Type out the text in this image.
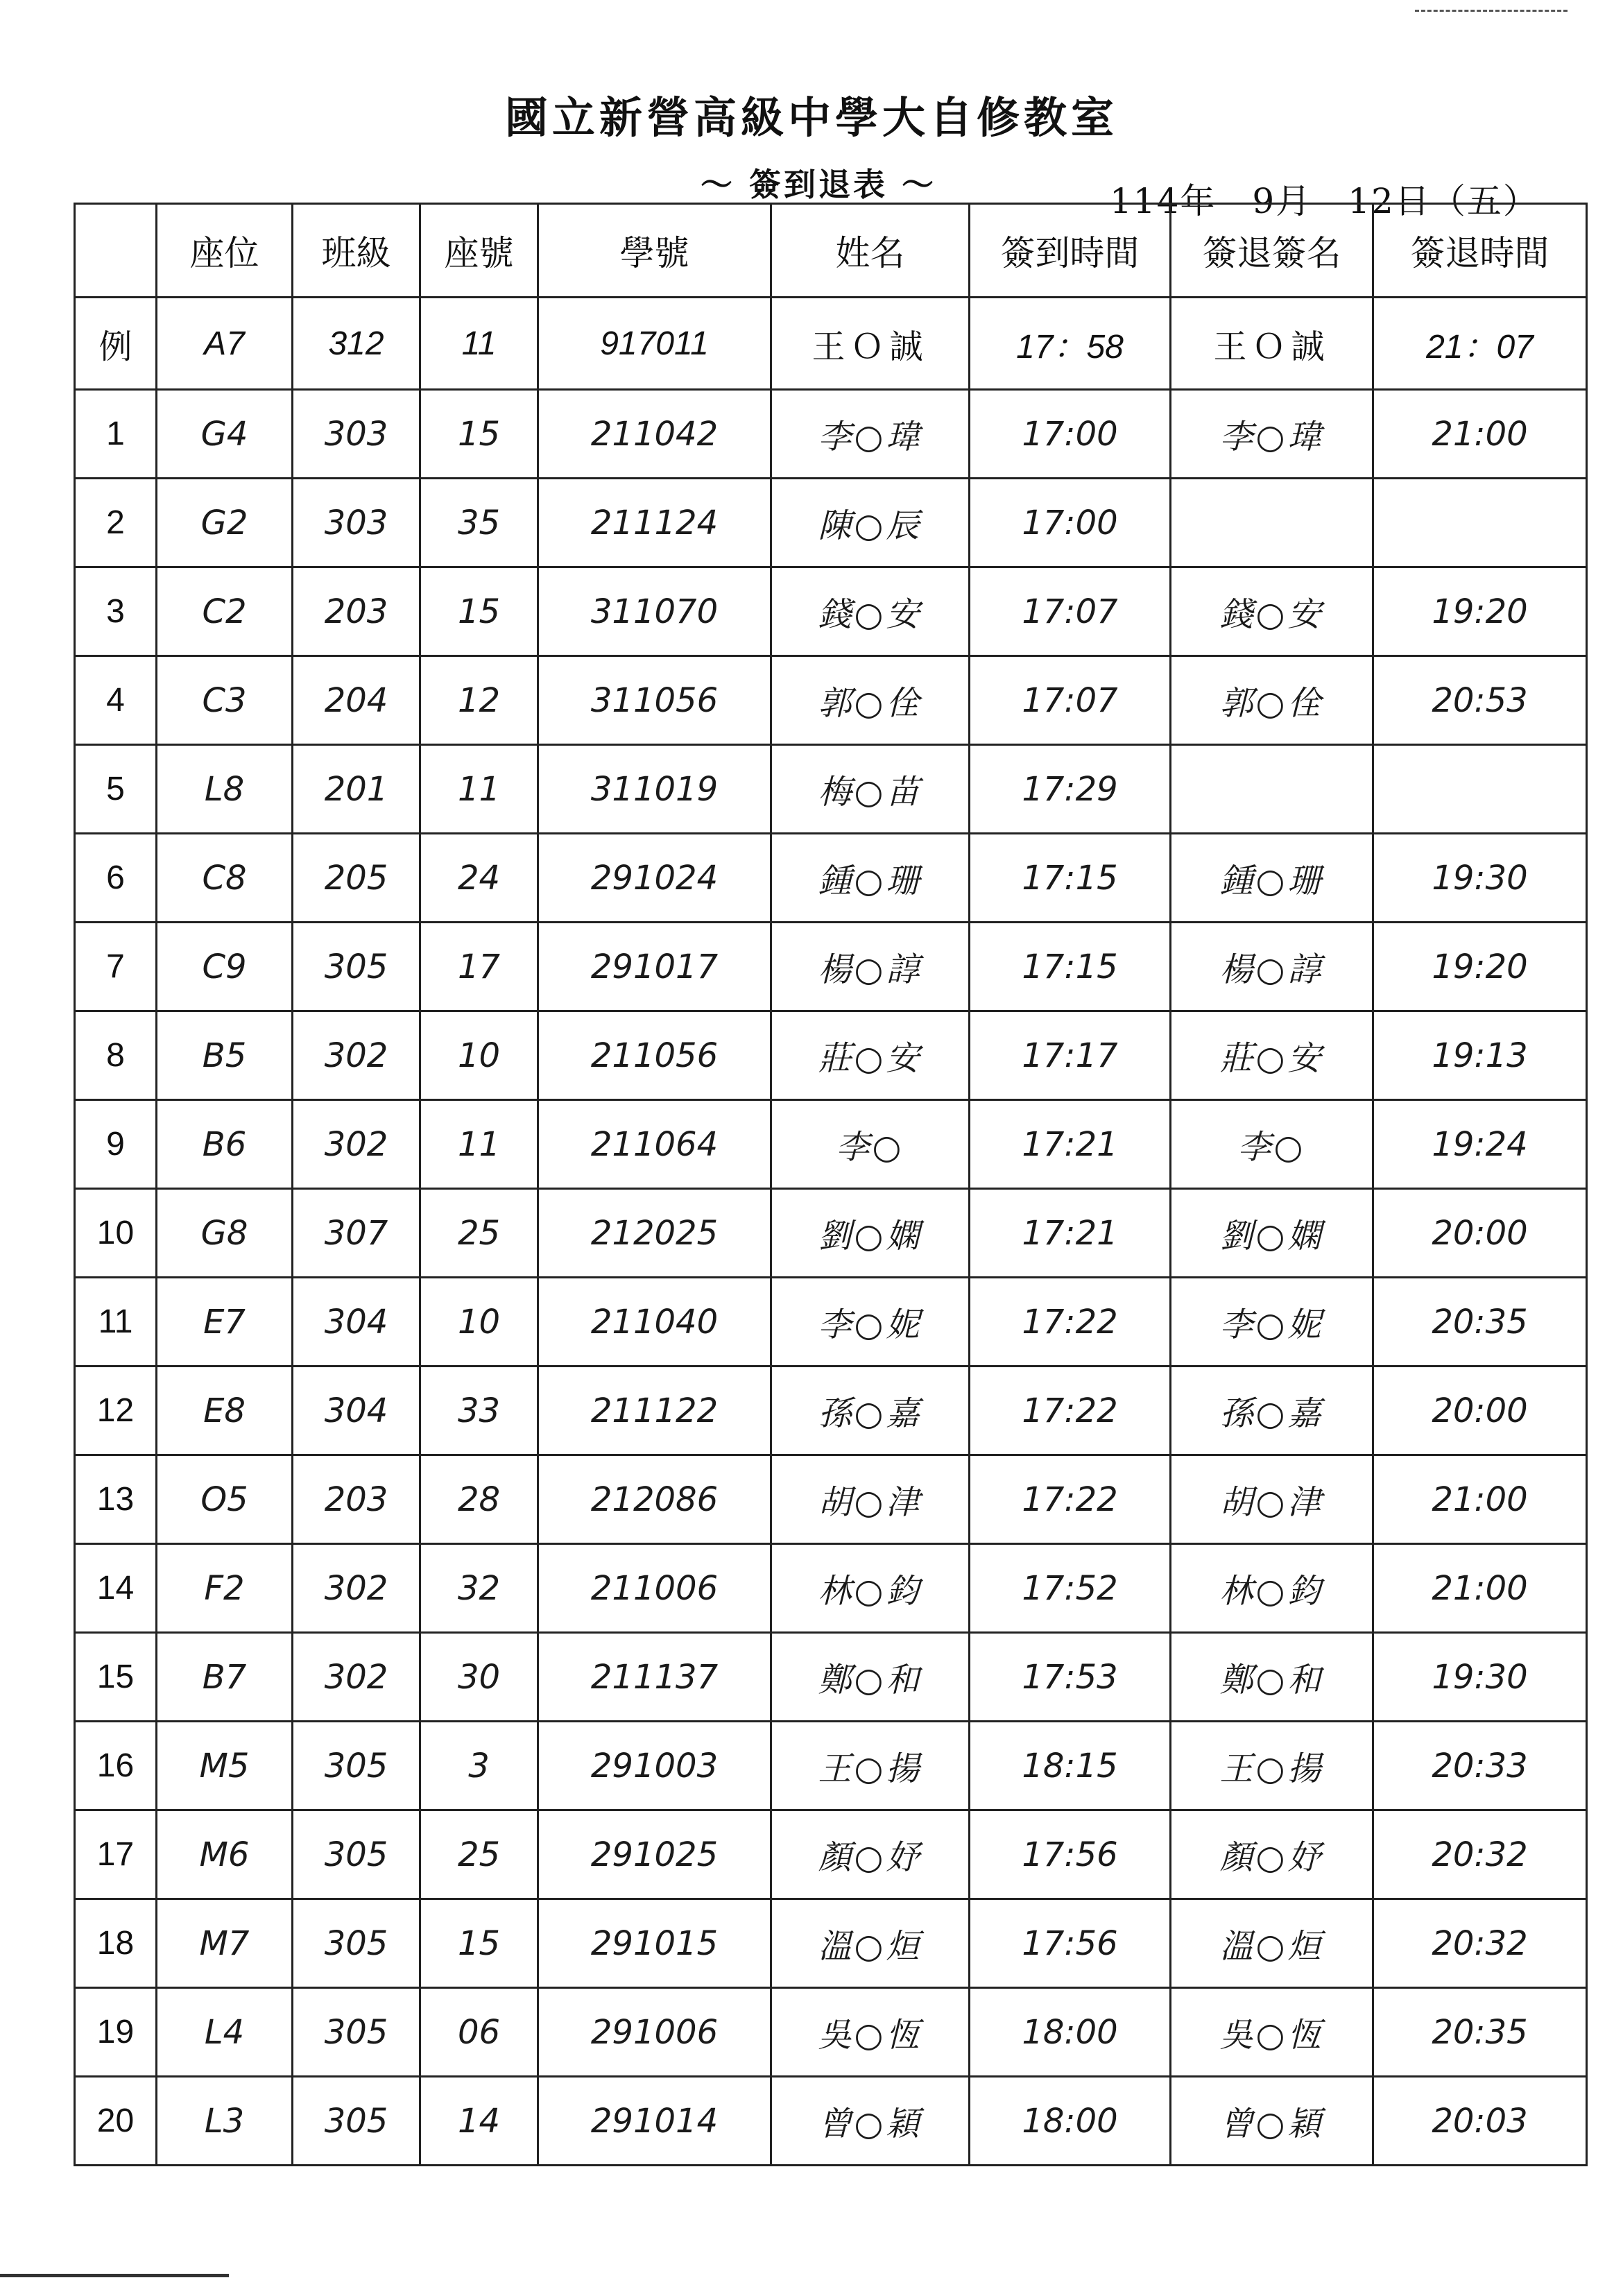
國立新營高級中學大自修教室
～ 簽到退表 ～	114年　9月　12日（五）
	座位	班級	座號	學號	姓名	簽到時間	簽退簽名	簽退時間
例	A7	312	11	917011	王Ｏ誠	17：58	王Ｏ誠	21：07
1	G4	303	15	211042	李○瑋	17:00	李○瑋	21:00
2	G2	303	35	211124	陳○辰	17:00		
3	C2	203	15	311070	錢○安	17:07	錢○安	19:20
4	C3	204	12	311056	郭○佺	17:07	郭○佺	20:53
5	L8	201	11	311019	梅○苗	17:29		
6	C8	205	24	291024	鍾○珊	17:15	鍾○珊	19:30
7	C9	305	17	291017	楊○諄	17:15	楊○諄	19:20
8	B5	302	10	211056	莊○安	17:17	莊○安	19:13
9	B6	302	11	211064	李○	17:21	李○	19:24
10	G8	307	25	212025	劉○嫻	17:21	劉○嫻	20:00
11	E7	304	10	211040	李○妮	17:22	李○妮	20:35
12	E8	304	33	211122	孫○嘉	17:22	孫○嘉	20:00
13	O5	203	28	212086	胡○津	17:22	胡○津	21:00
14	F2	302	32	211006	林○鈞	17:52	林○鈞	21:00
15	B7	302	30	211137	鄭○和	17:53	鄭○和	19:30
16	M5	305	3	291003	王○揚	18:15	王○揚	20:33
17	M6	305	25	291025	顏○妤	17:56	顏○妤	20:32
18	M7	305	15	291015	溫○烜	17:56	溫○烜	20:32
19	L4	305	06	291006	吳○恆	18:00	吳○恆	20:35
20	L3	305	14	291014	曾○穎	18:00	曾○穎	20:03
